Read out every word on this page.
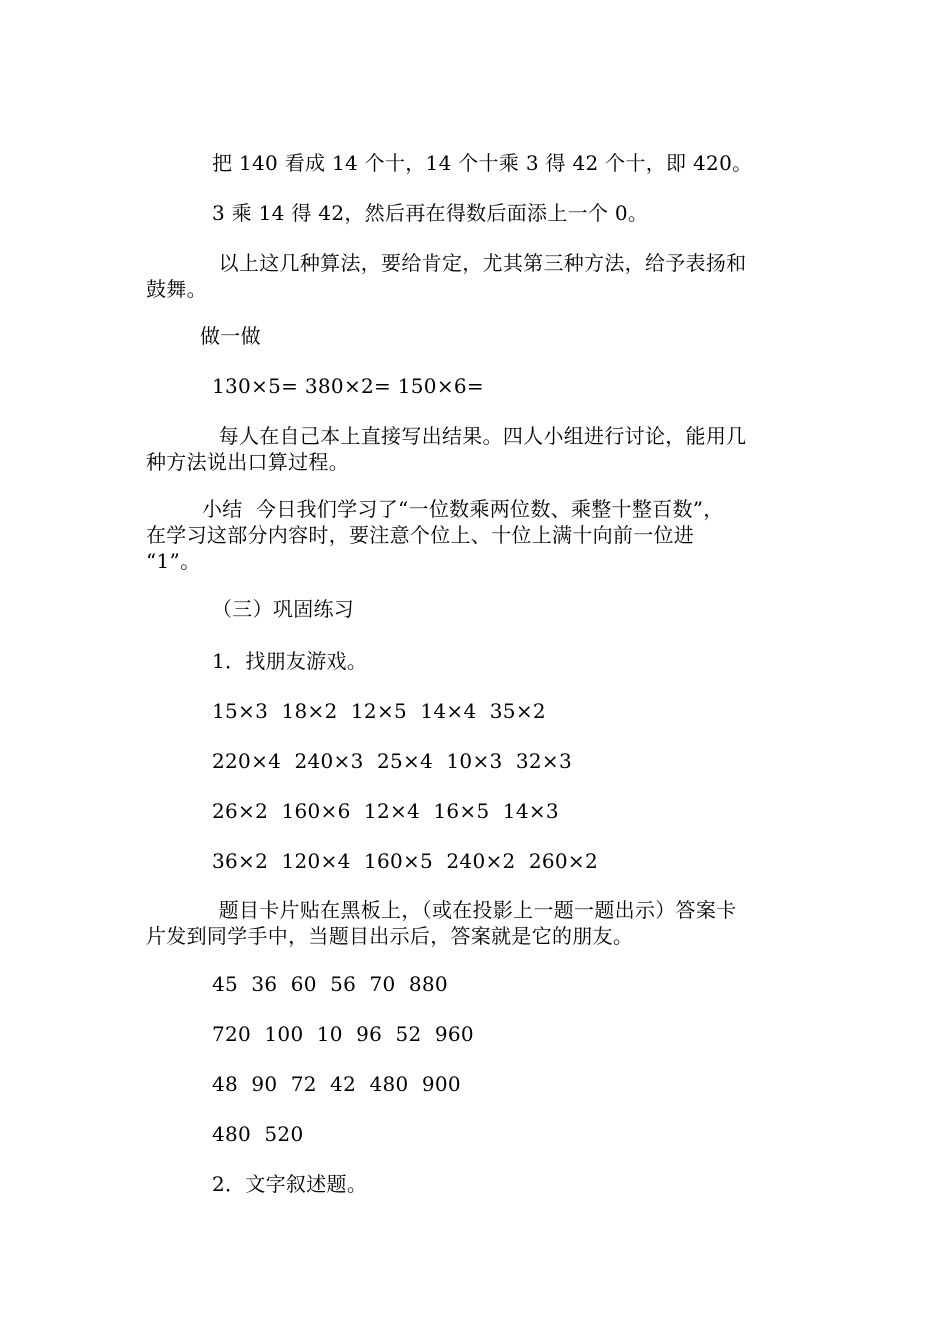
把 140 看成 14 个十，14 个十乘 3 得 42 个十，即 420。
3 乘 14 得 42，然后再在得数后面添上一个 0。
以上这几种算法，要给肯定，尤其第三种方法，给予表扬和
鼓舞。
做一做
130×5= 380×2= 150×6=
每人在自己本上直接写出结果。四人小组进行讨论，能用几
种方法说出口算过程。
小结  今日我们学习了“一位数乘两位数、乘整十整百数”，
在学习这部分内容时，要注意个位上、十位上满十向前一位进
“1”。
（三）巩固练习
1．找朋友游戏。
15×3  18×2  12×5  14×4  35×2
220×4  240×3  25×4  10×3  32×3
26×2  160×6  12×4  16×5  14×3
36×2  120×4  160×5  240×2  260×2
题目卡片贴在黑板上，（或在投影上一题一题出示）答案卡
片发到同学手中，当题目出示后，答案就是它的朋友。
45  36  60  56  70  880
720  100  10  96  52  960
48  90  72  42  480  900
480  520
2．文字叙述题。
